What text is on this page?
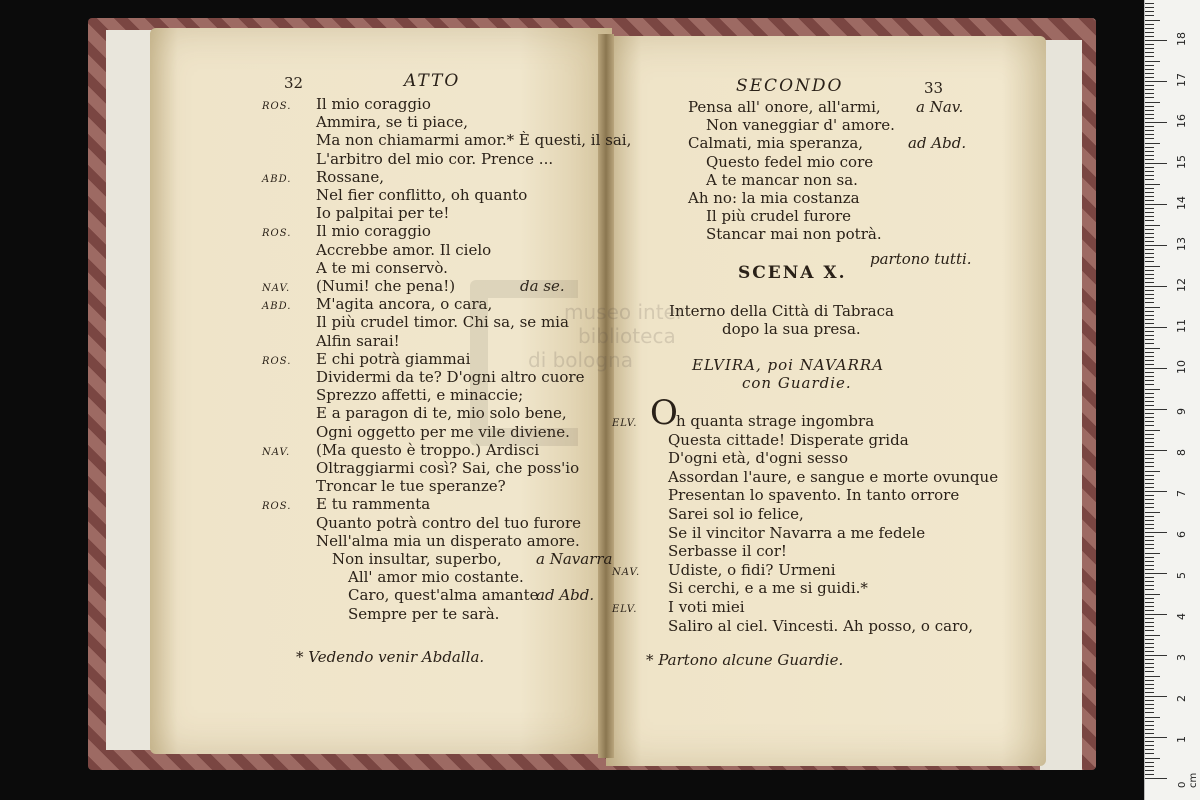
32	ATTO
ROS. Il mio coraggio
Ammira, se ti piace,
Ma non chiamarmi amor.* È questi, il sai,
L'arbitro del mio cor. Prence ...
ABD. Rossane,
Nel fier conflitto, oh quanto
Io palpitai per te!
ROS. Il mio coraggio
Accrebbe amor. Il cielo
A te mi conservò.
NAV. (Numi! che pena!)	da se.
ABD. M'agita ancora, o cara,
Il più crudel timor. Chi sa, se mia
Alfin sarai!
ROS. E chi potrà giammai
Dividermi da te? D'ogni altro cuore
Sprezzo affetti, e minaccie;
E a paragon di te, mio solo bene,
Ogni oggetto per me vile diviene.
NAV. (Ma questo è troppo.) Ardisci
Oltraggiarmi così? Sai, che poss'io
Troncar le tue speranze?
ROS. E tu rammenta
Quanto potrà contro del tuo furore
Nell'alma mia un disperato amore.
Non insultar, superbo, a Navarra
All' amor mio costante.
Caro, quest'alma amante
ad Abd.
Sempre per te sarà.
* Vedendo venir Abdalla.
SECONDO	33
Pensa all' onore, all'armi, a Nav.
Non vaneggiar d' amore.
Calmati, mia speranza,	ad Abd.
Questo fedel mio core
A te mancar non sa.
Ah no: la mia costanza
Il più crudel furore
Stancar mai non potrà.
partono tutti.
SCENA X.
Interno della Città di Tabraca
dopo la sua presa.
ELVIRA, poi NAVARRA
con Guardie.
O
ELV.	h quanta strage ingombra
Questa cittade! Disperate grida
D'ogni età, d'ogni sesso
Assordan l'aure, e sangue e morte ovunque
Presentan lo spavento. In tanto orrore
Sarei sol io felice,
Se il vincitor Navarra a me fedele
Serbasse il cor!
NAV. Udiste, o fidi? Urmeni
Si cerchi, e a me si guidi.*
ELV. I voti miei
Saliro al ciel. Vincesti. Ah posso, o caro,
* Partono alcune Guardie.
museo inter
biblioteca
di bologna
0 cm
1
2
3
4
5
6
7
8
9
10
11
12
13
14
15
16
17
18
